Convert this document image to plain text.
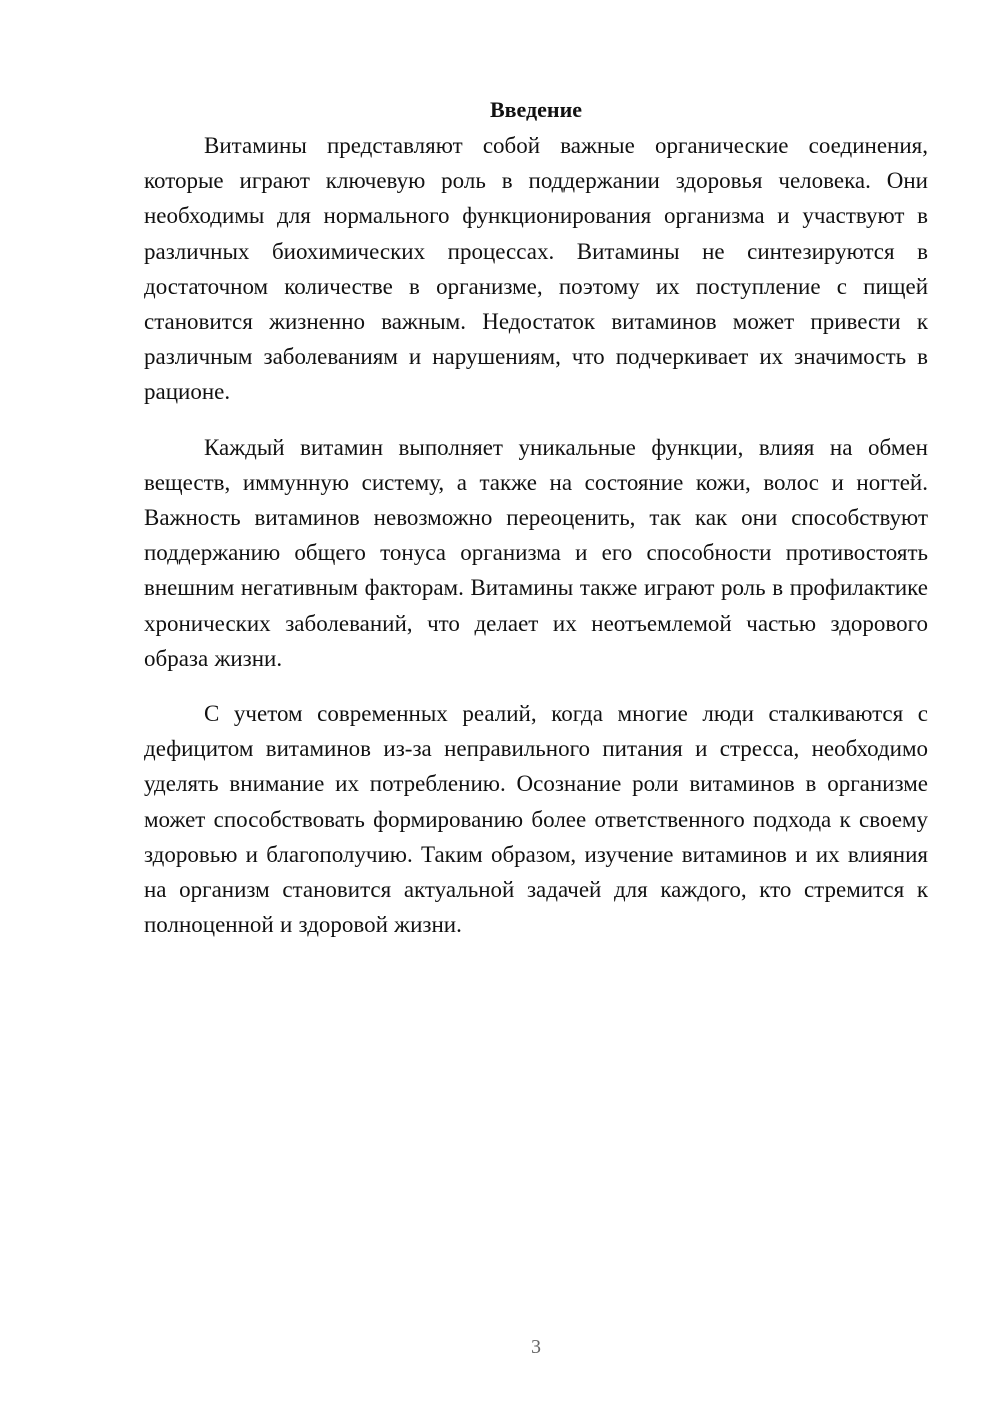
Введение

Витамины представляют собой важные органические соединения, которые играют ключевую роль в поддержании здоровья человека. Они необходимы для нормального функционирования организма и участвуют в различных биохимических процессах. Витамины не синтезируются в достаточном количестве в организме, поэтому их поступление с пищей становится жизненно важным. Недостаток витаминов может привести к различным заболеваниям и нарушениям, что подчеркивает их значимость в рационе.

Каждый витамин выполняет уникальные функции, влияя на обмен веществ, иммунную систему, а также на состояние кожи, волос и ногтей. Важность витаминов невозможно переоценить, так как они способствуют поддержанию общего тонуса организма и его способности противостоять внешним негативным факторам. Витамины также играют роль в профилактике хронических заболеваний, что делает их неотъемлемой частью здорового образа жизни.

С учетом современных реалий, когда многие люди сталкиваются с дефицитом витаминов из-за неправильного питания и стресса, необходимо уделять внимание их потреблению. Осознание роли витаминов в организме может способствовать формированию более ответственного подхода к своему здоровью и благополучию. Таким образом, изучение витаминов и их влияния на организм становится актуальной задачей для каждого, кто стремится к полноценной и здоровой жизни.

3
